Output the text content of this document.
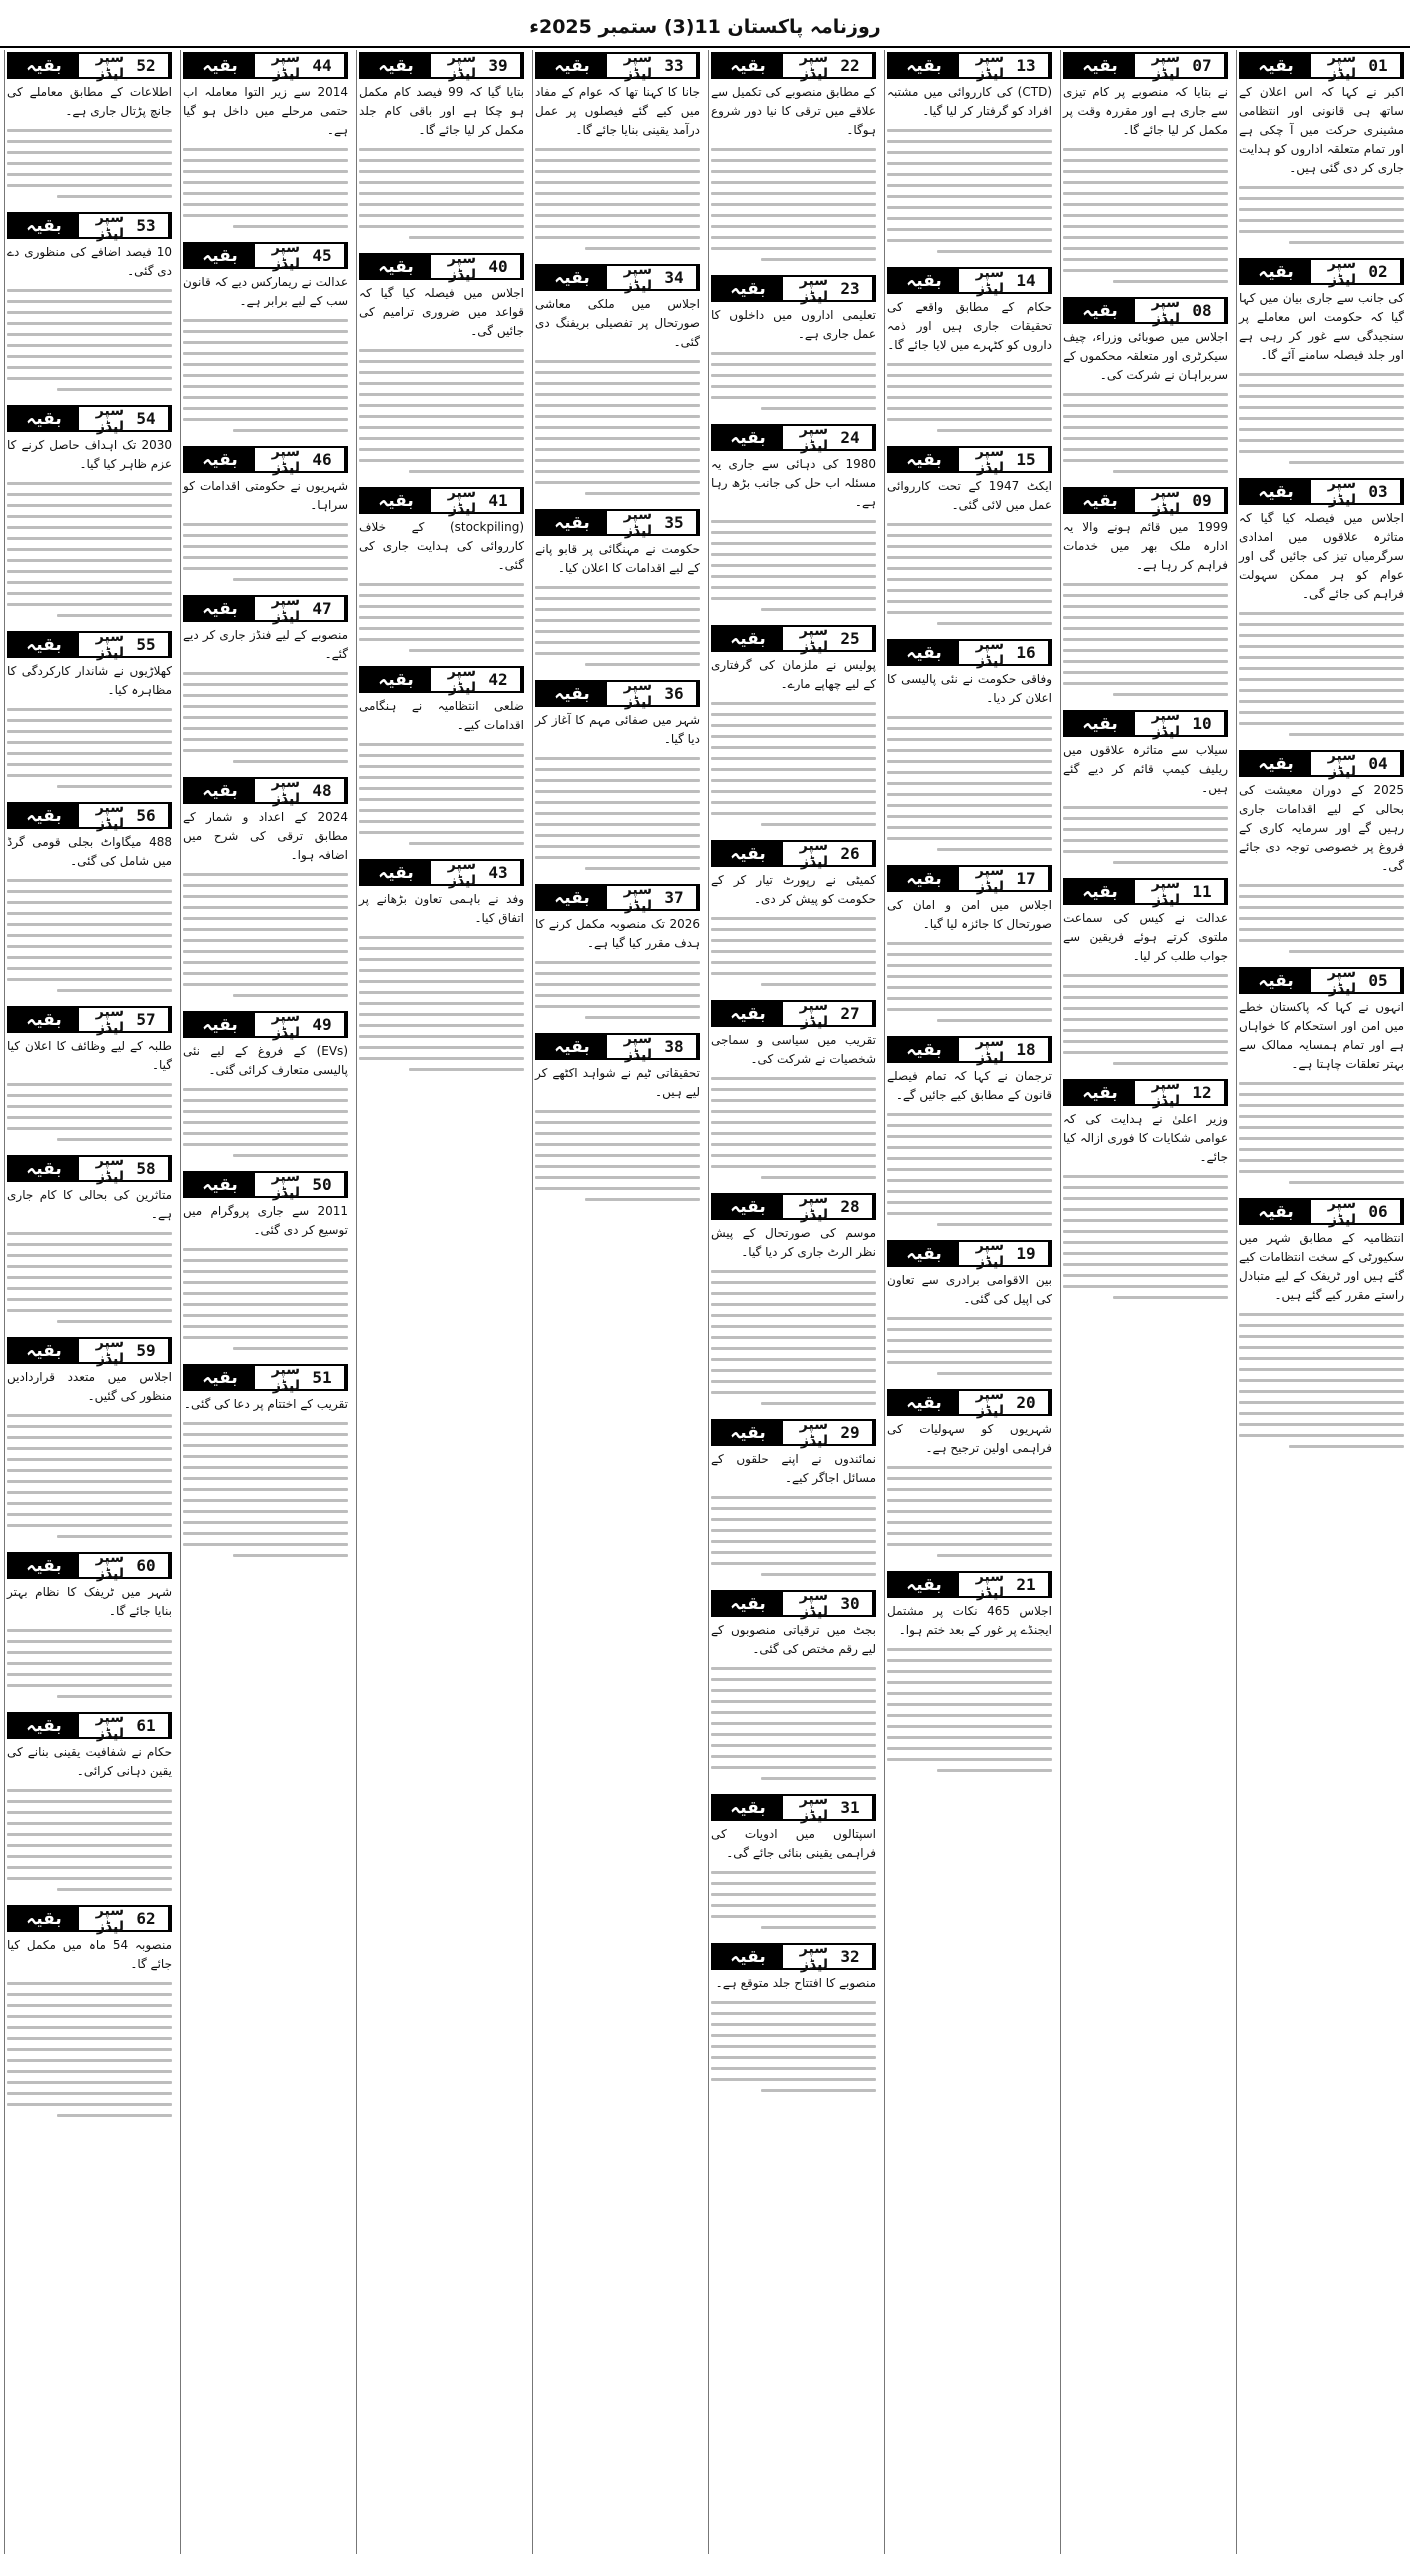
روزنامہ پاکستان 11(3) ستمبر 2025ء
01
سپر لیڈز
بقیہ

اکبر نے کہا کہ اس اعلان کے ساتھ ہی قانونی اور انتظامی مشینری حرکت میں آ چکی ہے اور تمام متعلقہ اداروں کو ہدایت جاری کر دی گئی ہیں۔

02
سپر لیڈز
بقیہ

کی جانب سے جاری بیان میں کہا گیا کہ حکومت اس معاملے پر سنجیدگی سے غور کر رہی ہے اور جلد فیصلہ سامنے آئے گا۔

03
سپر لیڈز
بقیہ

اجلاس میں فیصلہ کیا گیا کہ متاثرہ علاقوں میں امدادی سرگرمیاں تیز کی جائیں گی اور عوام کو ہر ممکن سہولت فراہم کی جائے گی۔

04
سپر لیڈز
بقیہ

2025 کے دوران معیشت کی بحالی کے لیے اقدامات جاری رہیں گے اور سرمایہ کاری کے فروغ پر خصوصی توجہ دی جائے گی۔

05
سپر لیڈز
بقیہ

انہوں نے کہا کہ پاکستان خطے میں امن اور استحکام کا خواہاں ہے اور تمام ہمسایہ ممالک سے بہتر تعلقات چاہتا ہے۔

06
سپر لیڈز
بقیہ

انتظامیہ کے مطابق شہر میں سکیورٹی کے سخت انتظامات کیے گئے ہیں اور ٹریفک کے لیے متبادل راستے مقرر کیے گئے ہیں۔

07
سپر لیڈز
بقیہ

نے بتایا کہ منصوبے پر کام تیزی سے جاری ہے اور مقررہ وقت پر مکمل کر لیا جائے گا۔

08
سپر لیڈز
بقیہ

اجلاس میں صوبائی وزراء، چیف سیکرٹری اور متعلقہ محکموں کے سربراہان نے شرکت کی۔

09
سپر لیڈز
بقیہ

1999 میں قائم ہونے والا یہ ادارہ ملک بھر میں خدمات فراہم کر رہا ہے۔

10
سپر لیڈز
بقیہ

سیلاب سے متاثرہ علاقوں میں ریلیف کیمپ قائم کر دیے گئے ہیں۔

11
سپر لیڈز
بقیہ

عدالت نے کیس کی سماعت ملتوی کرتے ہوئے فریقین سے جواب طلب کر لیا۔

12
سپر لیڈز
بقیہ

وزیر اعلیٰ نے ہدایت کی کہ عوامی شکایات کا فوری ازالہ کیا جائے۔

13
سپر لیڈز
بقیہ

(CTD) کی کارروائی میں مشتبہ افراد کو گرفتار کر لیا گیا۔

14
سپر لیڈز
بقیہ

حکام کے مطابق واقعے کی تحقیقات جاری ہیں اور ذمہ داروں کو کٹہرے میں لایا جائے گا۔

15
سپر لیڈز
بقیہ

ایکٹ 1947 کے تحت کارروائی عمل میں لائی گئی۔

16
سپر لیڈز
بقیہ

وفاقی حکومت نے نئی پالیسی کا اعلان کر دیا۔

17
سپر لیڈز
بقیہ

اجلاس میں امن و امان کی صورتحال کا جائزہ لیا گیا۔

18
سپر لیڈز
بقیہ

ترجمان نے کہا کہ تمام فیصلے قانون کے مطابق کیے جائیں گے۔

19
سپر لیڈز
بقیہ

بین الاقوامی برادری سے تعاون کی اپیل کی گئی۔

20
سپر لیڈز
بقیہ

شہریوں کو سہولیات کی فراہمی اولین ترجیح ہے۔

21
سپر لیڈز
بقیہ

اجلاس 465 نکات پر مشتمل ایجنڈے پر غور کے بعد ختم ہوا۔

22
سپر لیڈز
بقیہ

کے مطابق منصوبے کی تکمیل سے علاقے میں ترقی کا نیا دور شروع ہوگا۔

23
سپر لیڈز
بقیہ

تعلیمی اداروں میں داخلوں کا عمل جاری ہے۔

24
سپر لیڈز
بقیہ

1980 کی دہائی سے جاری یہ مسئلہ اب حل کی جانب بڑھ رہا ہے۔

25
سپر لیڈز
بقیہ

پولیس نے ملزمان کی گرفتاری کے لیے چھاپے مارے۔

26
سپر لیڈز
بقیہ

کمیٹی نے رپورٹ تیار کر کے حکومت کو پیش کر دی۔

27
سپر لیڈز
بقیہ

تقریب میں سیاسی و سماجی شخصیات نے شرکت کی۔

28
سپر لیڈز
بقیہ

موسم کی صورتحال کے پیش نظر الرٹ جاری کر دیا گیا۔

29
سپر لیڈز
بقیہ

نمائندوں نے اپنے حلقوں کے مسائل اجاگر کیے۔

30
سپر لیڈز
بقیہ

بجٹ میں ترقیاتی منصوبوں کے لیے رقم مختص کی گئی۔

31
سپر لیڈز
بقیہ

اسپتالوں میں ادویات کی فراہمی یقینی بنائی جائے گی۔

32
سپر لیڈز
بقیہ

منصوبے کا افتتاح جلد متوقع ہے۔

33
سپر لیڈز
بقیہ

جانا کا کہنا تھا کہ عوام کے مفاد میں کیے گئے فیصلوں پر عمل درآمد یقینی بنایا جائے گا۔

34
سپر لیڈز
بقیہ

اجلاس میں ملکی معاشی صورتحال پر تفصیلی بریفنگ دی گئی۔

35
سپر لیڈز
بقیہ

حکومت نے مہنگائی پر قابو پانے کے لیے اقدامات کا اعلان کیا۔

36
سپر لیڈز
بقیہ

شہر میں صفائی مہم کا آغاز کر دیا گیا۔

37
سپر لیڈز
بقیہ

2026 تک منصوبہ مکمل کرنے کا ہدف مقرر کیا گیا ہے۔

38
سپر لیڈز
بقیہ

تحقیقاتی ٹیم نے شواہد اکٹھے کر لیے ہیں۔

39
سپر لیڈز
بقیہ

بتایا گیا کہ 99 فیصد کام مکمل ہو چکا ہے اور باقی کام جلد مکمل کر لیا جائے گا۔

40
سپر لیڈز
بقیہ

اجلاس میں فیصلہ کیا گیا کہ قواعد میں ضروری ترامیم کی جائیں گی۔

41
سپر لیڈز
بقیہ

(stockpiling) کے خلاف کارروائی کی ہدایت جاری کی گئی۔

42
سپر لیڈز
بقیہ

ضلعی انتظامیہ نے ہنگامی اقدامات کیے۔

43
سپر لیڈز
بقیہ

وفد نے باہمی تعاون بڑھانے پر اتفاق کیا۔

44
سپر لیڈز
بقیہ

2014 سے زیر التوا معاملہ اب حتمی مرحلے میں داخل ہو گیا ہے۔

45
سپر لیڈز
بقیہ

عدالت نے ریمارکس دیے کہ قانون سب کے لیے برابر ہے۔

46
سپر لیڈز
بقیہ

شہریوں نے حکومتی اقدامات کو سراہا۔

47
سپر لیڈز
بقیہ

منصوبے کے لیے فنڈز جاری کر دیے گئے۔

48
سپر لیڈز
بقیہ

2024 کے اعداد و شمار کے مطابق ترقی کی شرح میں اضافہ ہوا۔

49
سپر لیڈز
بقیہ

(EVs) کے فروغ کے لیے نئی پالیسی متعارف کرائی گئی۔

50
سپر لیڈز
بقیہ

2011 سے جاری پروگرام میں توسیع کر دی گئی۔

51
سپر لیڈز
بقیہ

تقریب کے اختتام پر دعا کی گئی۔

52
سپر لیڈز
بقیہ

اطلاعات کے مطابق معاملے کی جانچ پڑتال جاری ہے۔

53
سپر لیڈز
بقیہ

10 فیصد اضافے کی منظوری دے دی گئی۔

54
سپر لیڈز
بقیہ

2030 تک اہداف حاصل کرنے کا عزم ظاہر کیا گیا۔

55
سپر لیڈز
بقیہ

کھلاڑیوں نے شاندار کارکردگی کا مظاہرہ کیا۔

56
سپر لیڈز
بقیہ

488 میگاواٹ بجلی قومی گرڈ میں شامل کی گئی۔

57
سپر لیڈز
بقیہ

طلبہ کے لیے وظائف کا اعلان کیا گیا۔

58
سپر لیڈز
بقیہ

متاثرین کی بحالی کا کام جاری ہے۔

59
سپر لیڈز
بقیہ

اجلاس میں متعدد قراردادیں منظور کی گئیں۔

60
سپر لیڈز
بقیہ

شہر میں ٹریفک کا نظام بہتر بنایا جائے گا۔

61
سپر لیڈز
بقیہ

حکام نے شفافیت یقینی بنانے کی یقین دہانی کرائی۔

62
سپر لیڈز
بقیہ

منصوبہ 54 ماہ میں مکمل کیا جائے گا۔
